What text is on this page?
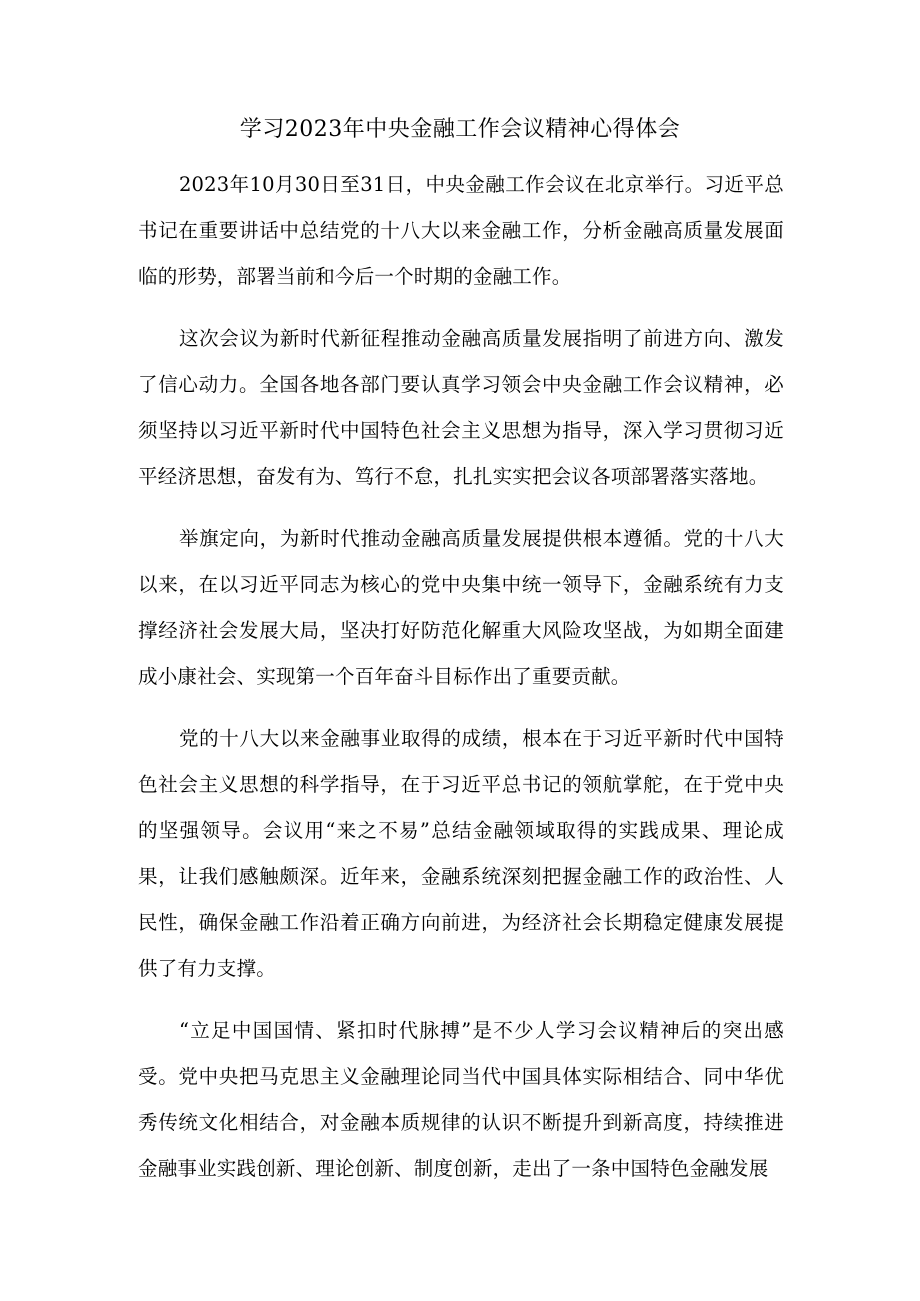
学习2023年中央金融工作会议精神心得体会

2023年10月30日至31日，中央金融工作会议在北京举行。习近平总书记在重要讲话中总结党的十八大以来金融工作，分析金融高质量发展面临的形势，部署当前和今后一个时期的金融工作。

这次会议为新时代新征程推动金融高质量发展指明了前进方向、激发了信心动力。全国各地各部门要认真学习领会中央金融工作会议精神，必须坚持以习近平新时代中国特色社会主义思想为指导，深入学习贯彻习近平经济思想，奋发有为、笃行不怠，扎扎实实把会议各项部署落实落地。

举旗定向，为新时代推动金融高质量发展提供根本遵循。党的十八大以来，在以习近平同志为核心的党中央集中统一领导下，金融系统有力支撑经济社会发展大局，坚决打好防范化解重大风险攻坚战，为如期全面建成小康社会、实现第一个百年奋斗目标作出了重要贡献。

党的十八大以来金融事业取得的成绩，根本在于习近平新时代中国特色社会主义思想的科学指导，在于习近平总书记的领航掌舵，在于党中央的坚强领导。会议用“来之不易”总结金融领域取得的实践成果、理论成果，让我们感触颇深。近年来，金融系统深刻把握金融工作的政治性、人民性，确保金融工作沿着正确方向前进，为经济社会长期稳定健康发展提供了有力支撑。

“立足中国国情、紧扣时代脉搏”是不少人学习会议精神后的突出感受。党中央把马克思主义金融理论同当代中国具体实际相结合、同中华优秀传统文化相结合，对金融本质规律的认识不断提升到新高度，持续推进金融事业实践创新、理论创新、制度创新，走出了一条中国特色金融发展
